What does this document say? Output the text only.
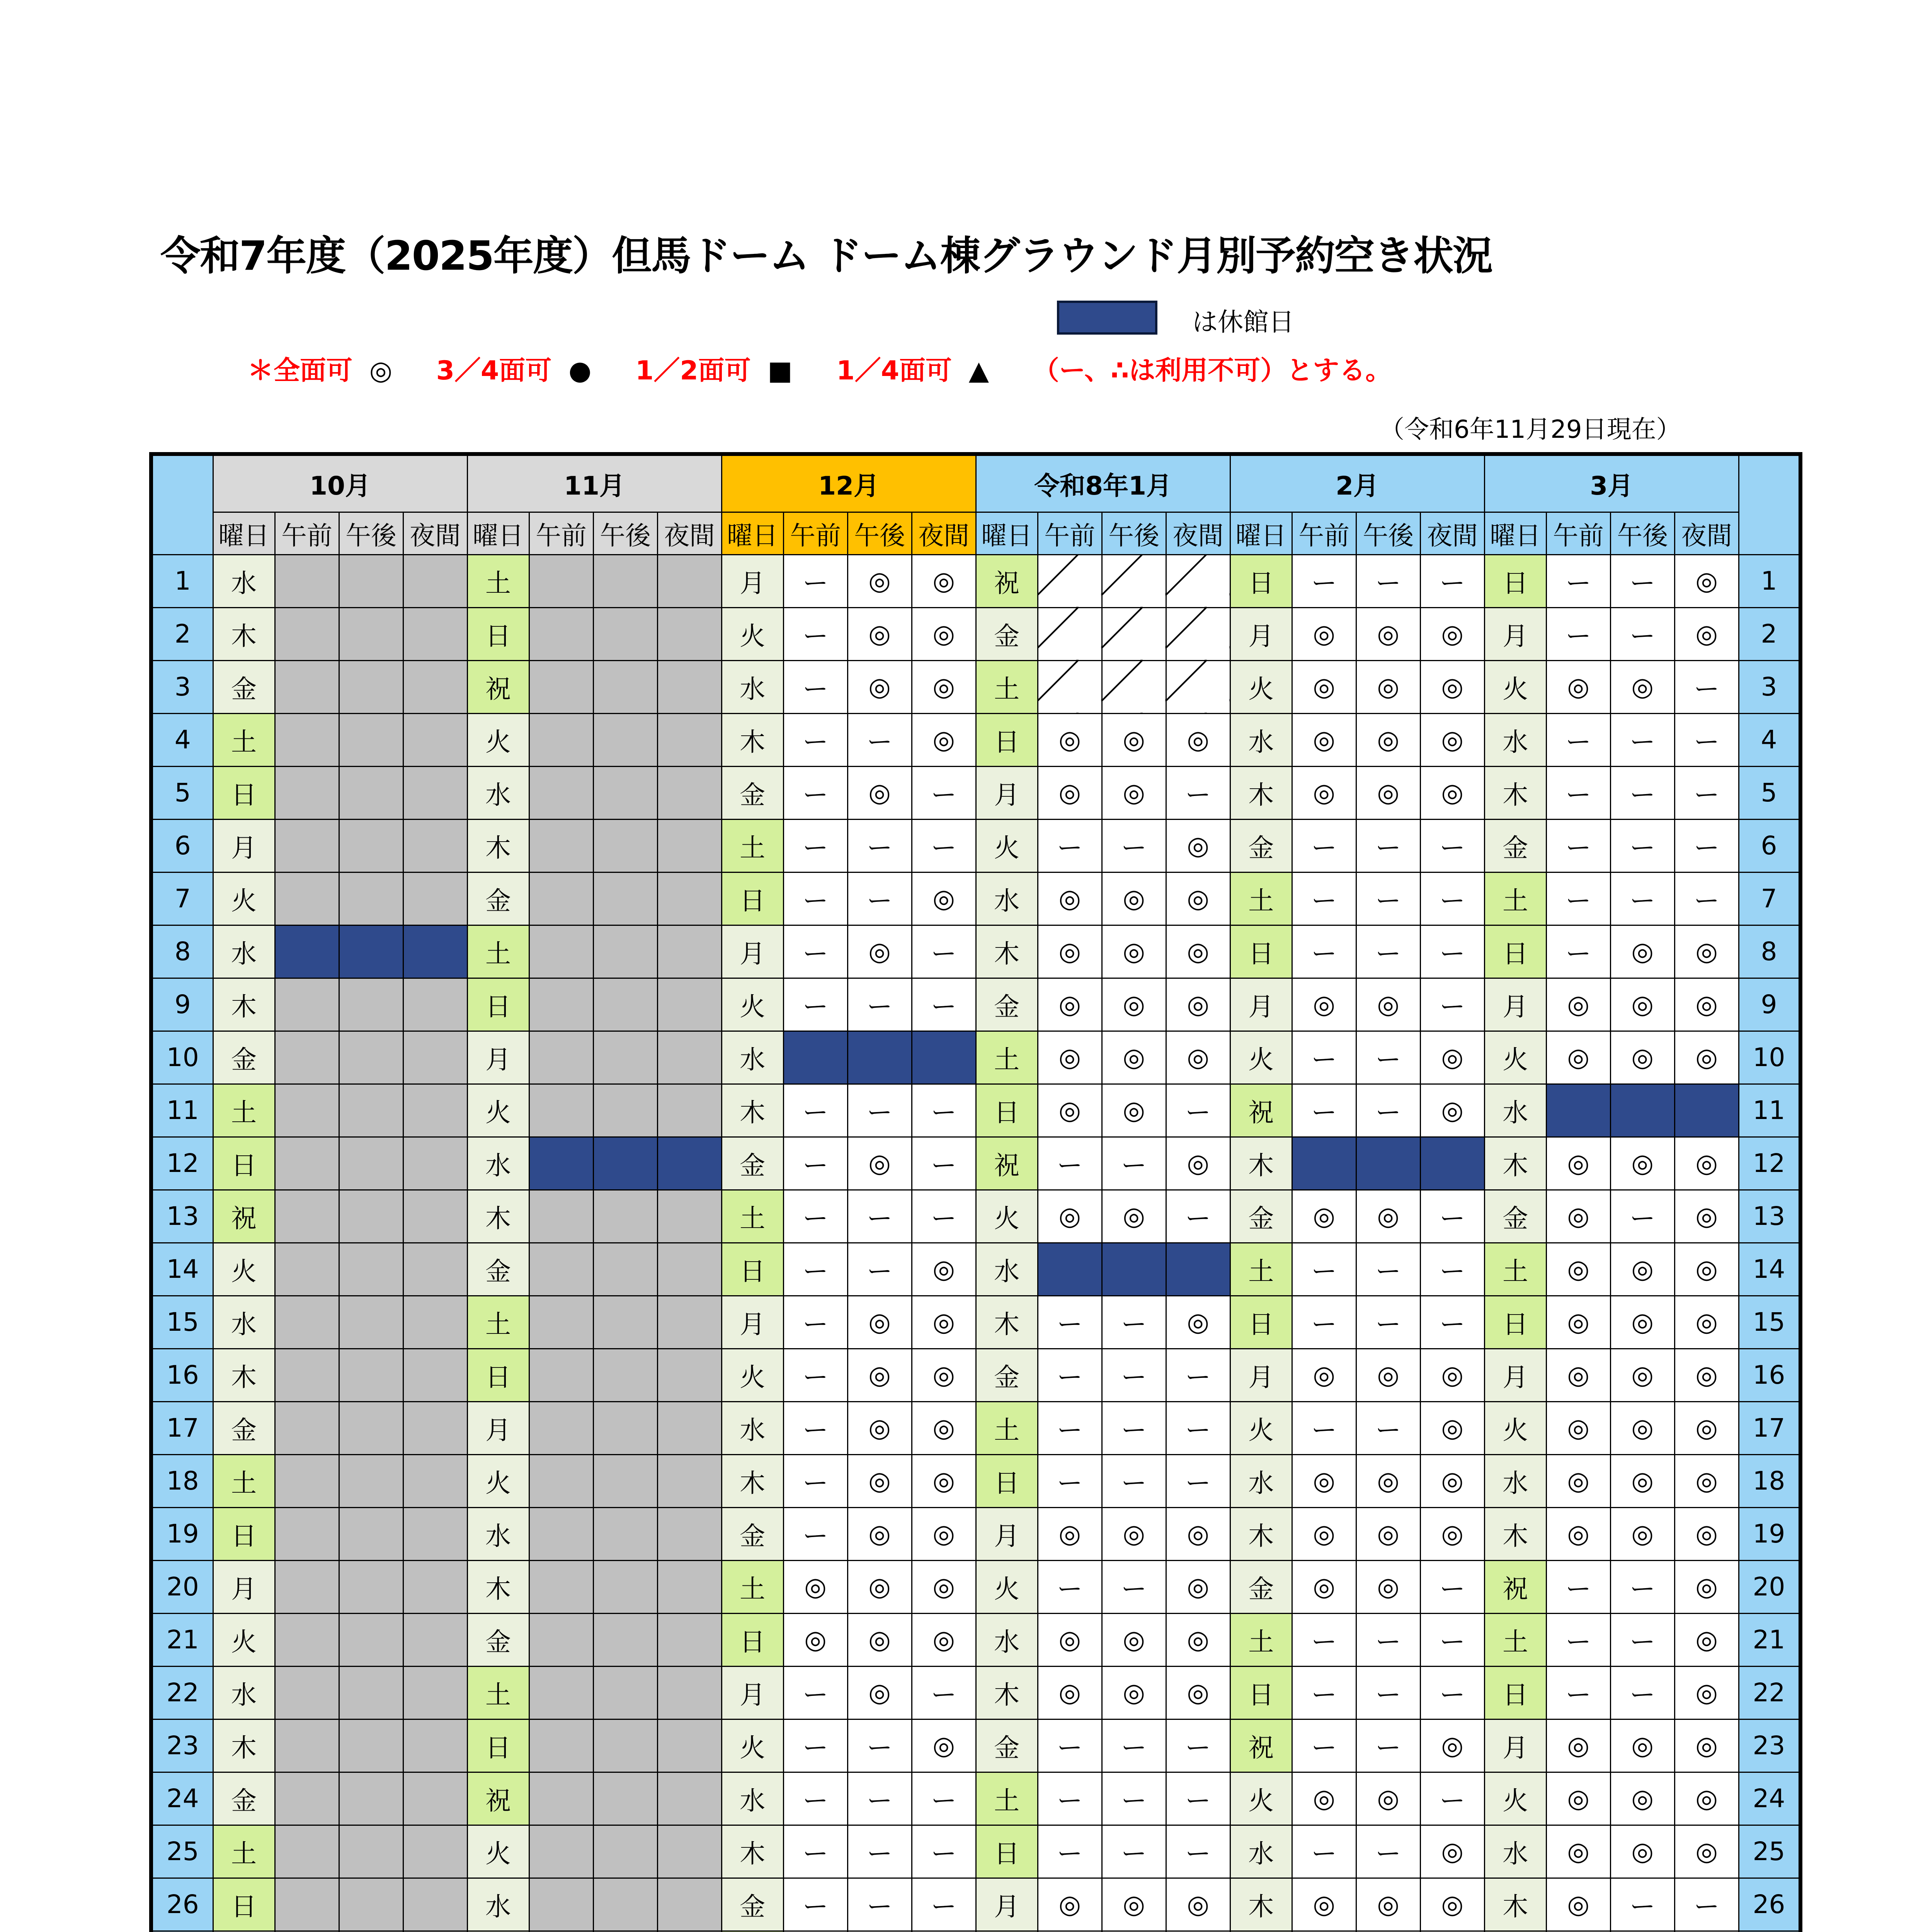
令和7年度（2025年度）但馬ドーム ドーム棟グラウンド月別予約空き状況
は休館日
＊全面可 ◎ 3／4面可 ● 1／2面可 ■ 1／4面可 ▲ （ー、∴は利用不可）とする。
（令和6年11月29日現在）
	10月				11月				12月				令和8年1月				2月				3月				
	曜日	午前	午後	夜間	曜日	午前	午後	夜間	曜日	午前	午後	夜間	曜日	午前	午後	夜間	曜日	午前	午後	夜間	曜日	午前	午後	夜間	
1	水				土				月	ー	◎	◎	祝				日	ー	ー	ー	日	ー	ー	◎	1
2	木				日				火	ー	◎	◎	金				月	◎	◎	◎	月	ー	ー	◎	2
3	金				祝				水	ー	◎	◎	土				火	◎	◎	◎	火	◎	◎	ー	3
4	土				火				木	ー	ー	◎	日	◎	◎	◎	水	◎	◎	◎	水	ー	ー	ー	4
5	日				水				金	ー	◎	ー	月	◎	◎	ー	木	◎	◎	◎	木	ー	ー	ー	5
6	月				木				土	ー	ー	ー	火	ー	ー	◎	金	ー	ー	ー	金	ー	ー	ー	6
7	火				金				日	ー	ー	◎	水	◎	◎	◎	土	ー	ー	ー	土	ー	ー	ー	7
8	水				土				月	ー	◎	ー	木	◎	◎	◎	日	ー	ー	ー	日	ー	◎	◎	8
9	木				日				火	ー	ー	ー	金	◎	◎	◎	月	◎	◎	ー	月	◎	◎	◎	9
10	金				月				水				土	◎	◎	◎	火	ー	ー	◎	火	◎	◎	◎	10
11	土				火				木	ー	ー	ー	日	◎	◎	ー	祝	ー	ー	◎	水				11
12	日				水				金	ー	◎	ー	祝	ー	ー	◎	木				木	◎	◎	◎	12
13	祝				木				土	ー	ー	ー	火	◎	◎	ー	金	◎	◎	ー	金	◎	ー	◎	13
14	火				金				日	ー	ー	◎	水				土	ー	ー	ー	土	◎	◎	◎	14
15	水				土				月	ー	◎	◎	木	ー	ー	◎	日	ー	ー	ー	日	◎	◎	◎	15
16	木				日				火	ー	◎	◎	金	ー	ー	ー	月	◎	◎	◎	月	◎	◎	◎	16
17	金				月				水	ー	◎	◎	土	ー	ー	ー	火	ー	ー	◎	火	◎	◎	◎	17
18	土				火				木	ー	◎	◎	日	ー	ー	ー	水	◎	◎	◎	水	◎	◎	◎	18
19	日				水				金	ー	◎	◎	月	◎	◎	◎	木	◎	◎	◎	木	◎	◎	◎	19
20	月				木				土	◎	◎	◎	火	ー	ー	◎	金	◎	◎	ー	祝	ー	ー	◎	20
21	火				金				日	◎	◎	◎	水	◎	◎	◎	土	ー	ー	ー	土	ー	ー	◎	21
22	水				土				月	ー	◎	ー	木	◎	◎	◎	日	ー	ー	ー	日	ー	ー	◎	22
23	木				日				火	ー	ー	◎	金	ー	ー	ー	祝	ー	ー	◎	月	◎	◎	◎	23
24	金				祝				水	ー	ー	ー	土	ー	ー	ー	火	◎	◎	ー	火	◎	◎	◎	24
25	土				火				木	ー	ー	ー	日	ー	ー	ー	水	ー	ー	◎	水	◎	◎	◎	25
26	日				水				金	ー	ー	ー	月	◎	◎	◎	木	◎	◎	◎	木	◎	ー	ー	26
